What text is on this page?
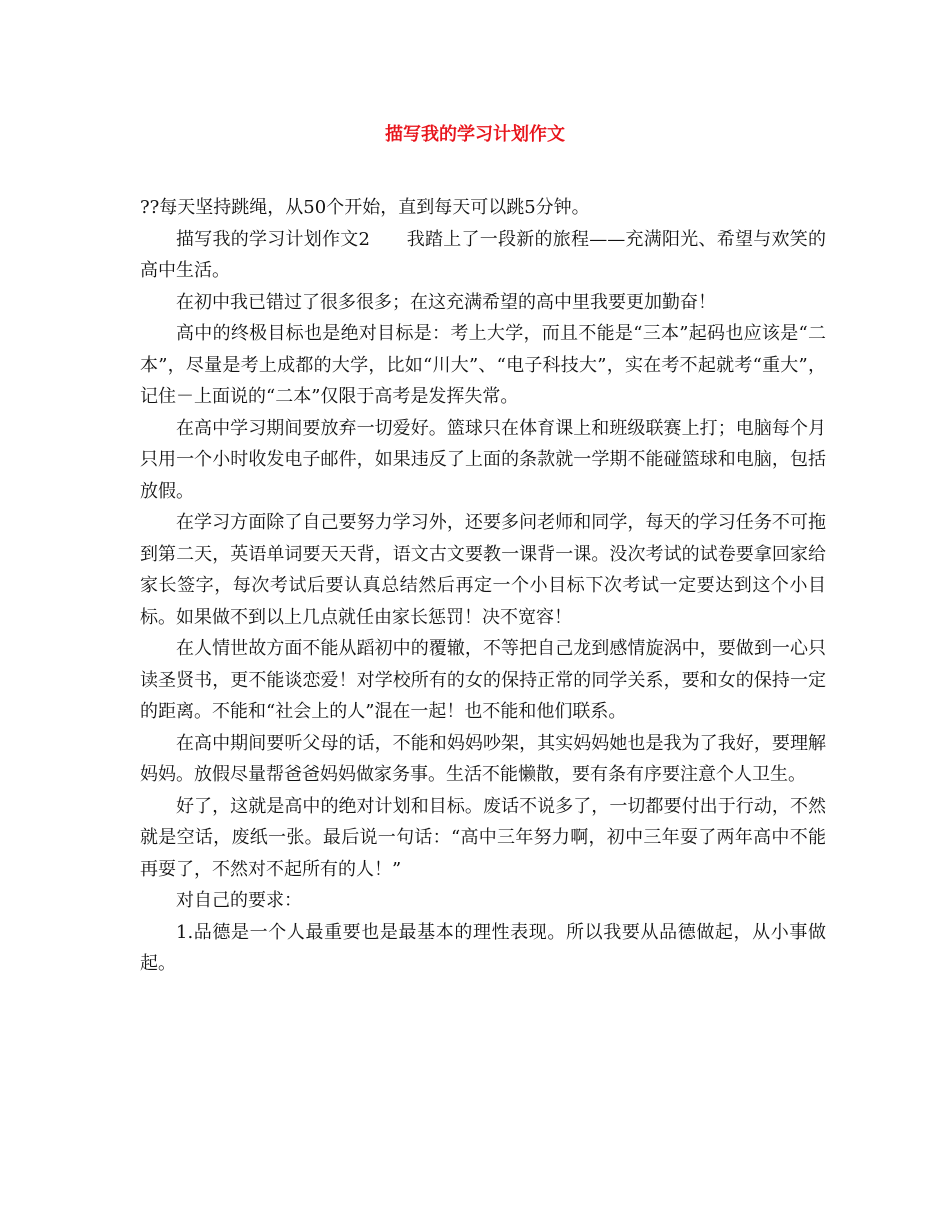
描写我的学习计划作文

??每天坚持跳绳，从50个开始，直到每天可以跳5分钟。

描写我的学习计划作文2　　我踏上了一段新的旅程——充满阳光、希望与欢笑的高中生活。

在初中我已错过了很多很多；在这充满希望的高中里我要更加勤奋！

高中的终极目标也是绝对目标是：考上大学，而且不能是“三本”起码也应该是“二本”，尽量是考上成都的大学，比如“川大”、“电子科技大”，实在考不起就考“重大”，记住－上面说的“二本”仅限于高考是发挥失常。

在高中学习期间要放弃一切爱好。篮球只在体育课上和班级联赛上打；电脑每个月只用一个小时收发电子邮件，如果违反了上面的条款就一学期不能碰篮球和电脑，包括放假。

在学习方面除了自己要努力学习外，还要多问老师和同学，每天的学习任务不可拖到第二天，英语单词要天天背，语文古文要教一课背一课。没次考试的试卷要拿回家给家长签字，每次考试后要认真总结然后再定一个小目标下次考试一定要达到这个小目标。如果做不到以上几点就任由家长惩罚！决不宽容！

在人情世故方面不能从蹈初中的覆辙，不等把自己龙到感情旋涡中，要做到一心只读圣贤书，更不能谈恋爱！对学校所有的女的保持正常的同学关系，要和女的保持一定的距离。不能和“社会上的人”混在一起！也不能和他们联系。

在高中期间要听父母的话，不能和妈妈吵架，其实妈妈她也是我为了我好，要理解妈妈。放假尽量帮爸爸妈妈做家务事。生活不能懒散，要有条有序要注意个人卫生。

好了，这就是高中的绝对计划和目标。废话不说多了，一切都要付出于行动，不然就是空话，废纸一张。最后说一句话：“高中三年努力啊，初中三年耍了两年高中不能再耍了，不然对不起所有的人！”

对自己的要求：

1.品德是一个人最重要也是最基本的理性表现。所以我要从品德做起，从小事做起。
